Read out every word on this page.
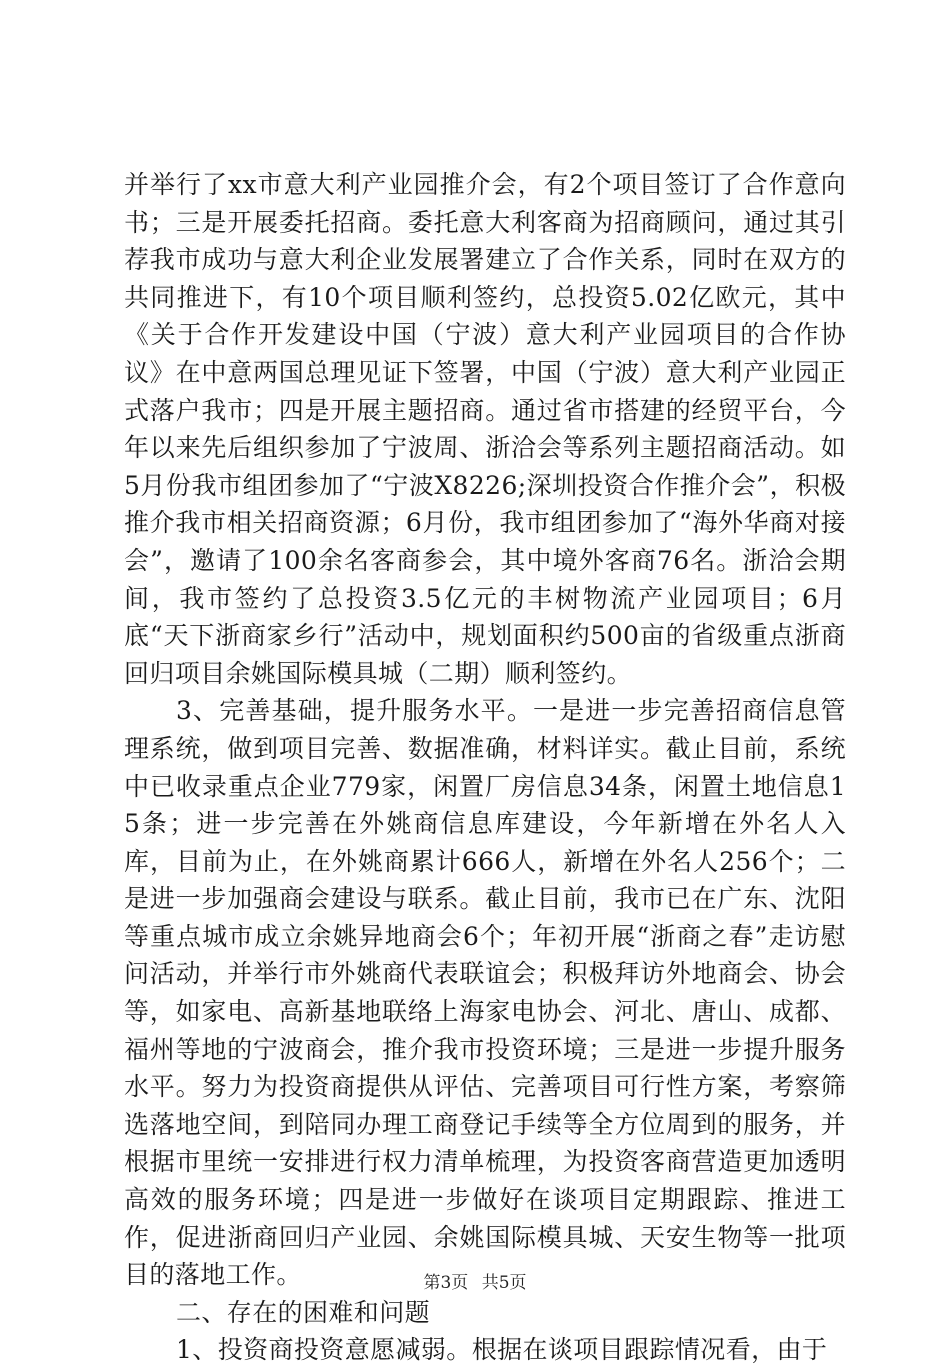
并举行了xx市意大利产业园推介会，有2个项目签订了合作意向书；三是开展委托招商。委托意大利客商为招商顾问，通过其引荐我市成功与意大利企业发展署建立了合作关系，同时在双方的共同推进下，有10个项目顺利签约，总投资5.02亿欧元，其中《关于合作开发建设中国（宁波）意大利产业园项目的合作协议》在中意两国总理见证下签署，中国（宁波）意大利产业园正式落户我市；四是开展主题招商。通过省市搭建的经贸平台，今年以来先后组织参加了宁波周、浙洽会等系列主题招商活动。如5月份我市组团参加了“宁波X8226;深圳投资合作推介会”，积极推介我市相关招商资源；6月份，我市组团参加了“海外华商对接会”，邀请了100余名客商参会，其中境外客商76名。浙洽会期间，我市签约了总投资3.5亿元的丰树物流产业园项目；6月底“天下浙商家乡行”活动中，规划面积约500亩的省级重点浙商回归项目余姚国际模具城（二期）顺利签约。

3、完善基础，提升服务水平。一是进一步完善招商信息管理系统，做到项目完善、数据准确，材料详实。截止目前，系统中已收录重点企业779家，闲置厂房信息34条，闲置土地信息15条；进一步完善在外姚商信息库建设，今年新增在外名人入库，目前为止，在外姚商累计666人，新增在外名人256个；二是进一步加强商会建设与联系。截止目前，我市已在广东、沈阳等重点城市成立余姚异地商会6个；年初开展“浙商之春”走访慰问活动，并举行市外姚商代表联谊会；积极拜访外地商会、协会等，如家电、高新基地联络上海家电协会、河北、唐山、成都、福州等地的宁波商会，推介我市投资环境；三是进一步提升服务水平。努力为投资商提供从评估、完善项目可行性方案，考察筛选落地空间，到陪同办理工商登记手续等全方位周到的服务，并根据市里统一安排进行权力清单梳理，为投资客商营造更加透明高效的服务环境；四是进一步做好在谈项目定期跟踪、推进工作，促进浙商回归产业园、余姚国际模具城、天安生物等一批项目的落地工作。

二、存在的困难和问题

1、投资商投资意愿减弱。根据在谈项目跟踪情况看，由于

第3页 共5页
